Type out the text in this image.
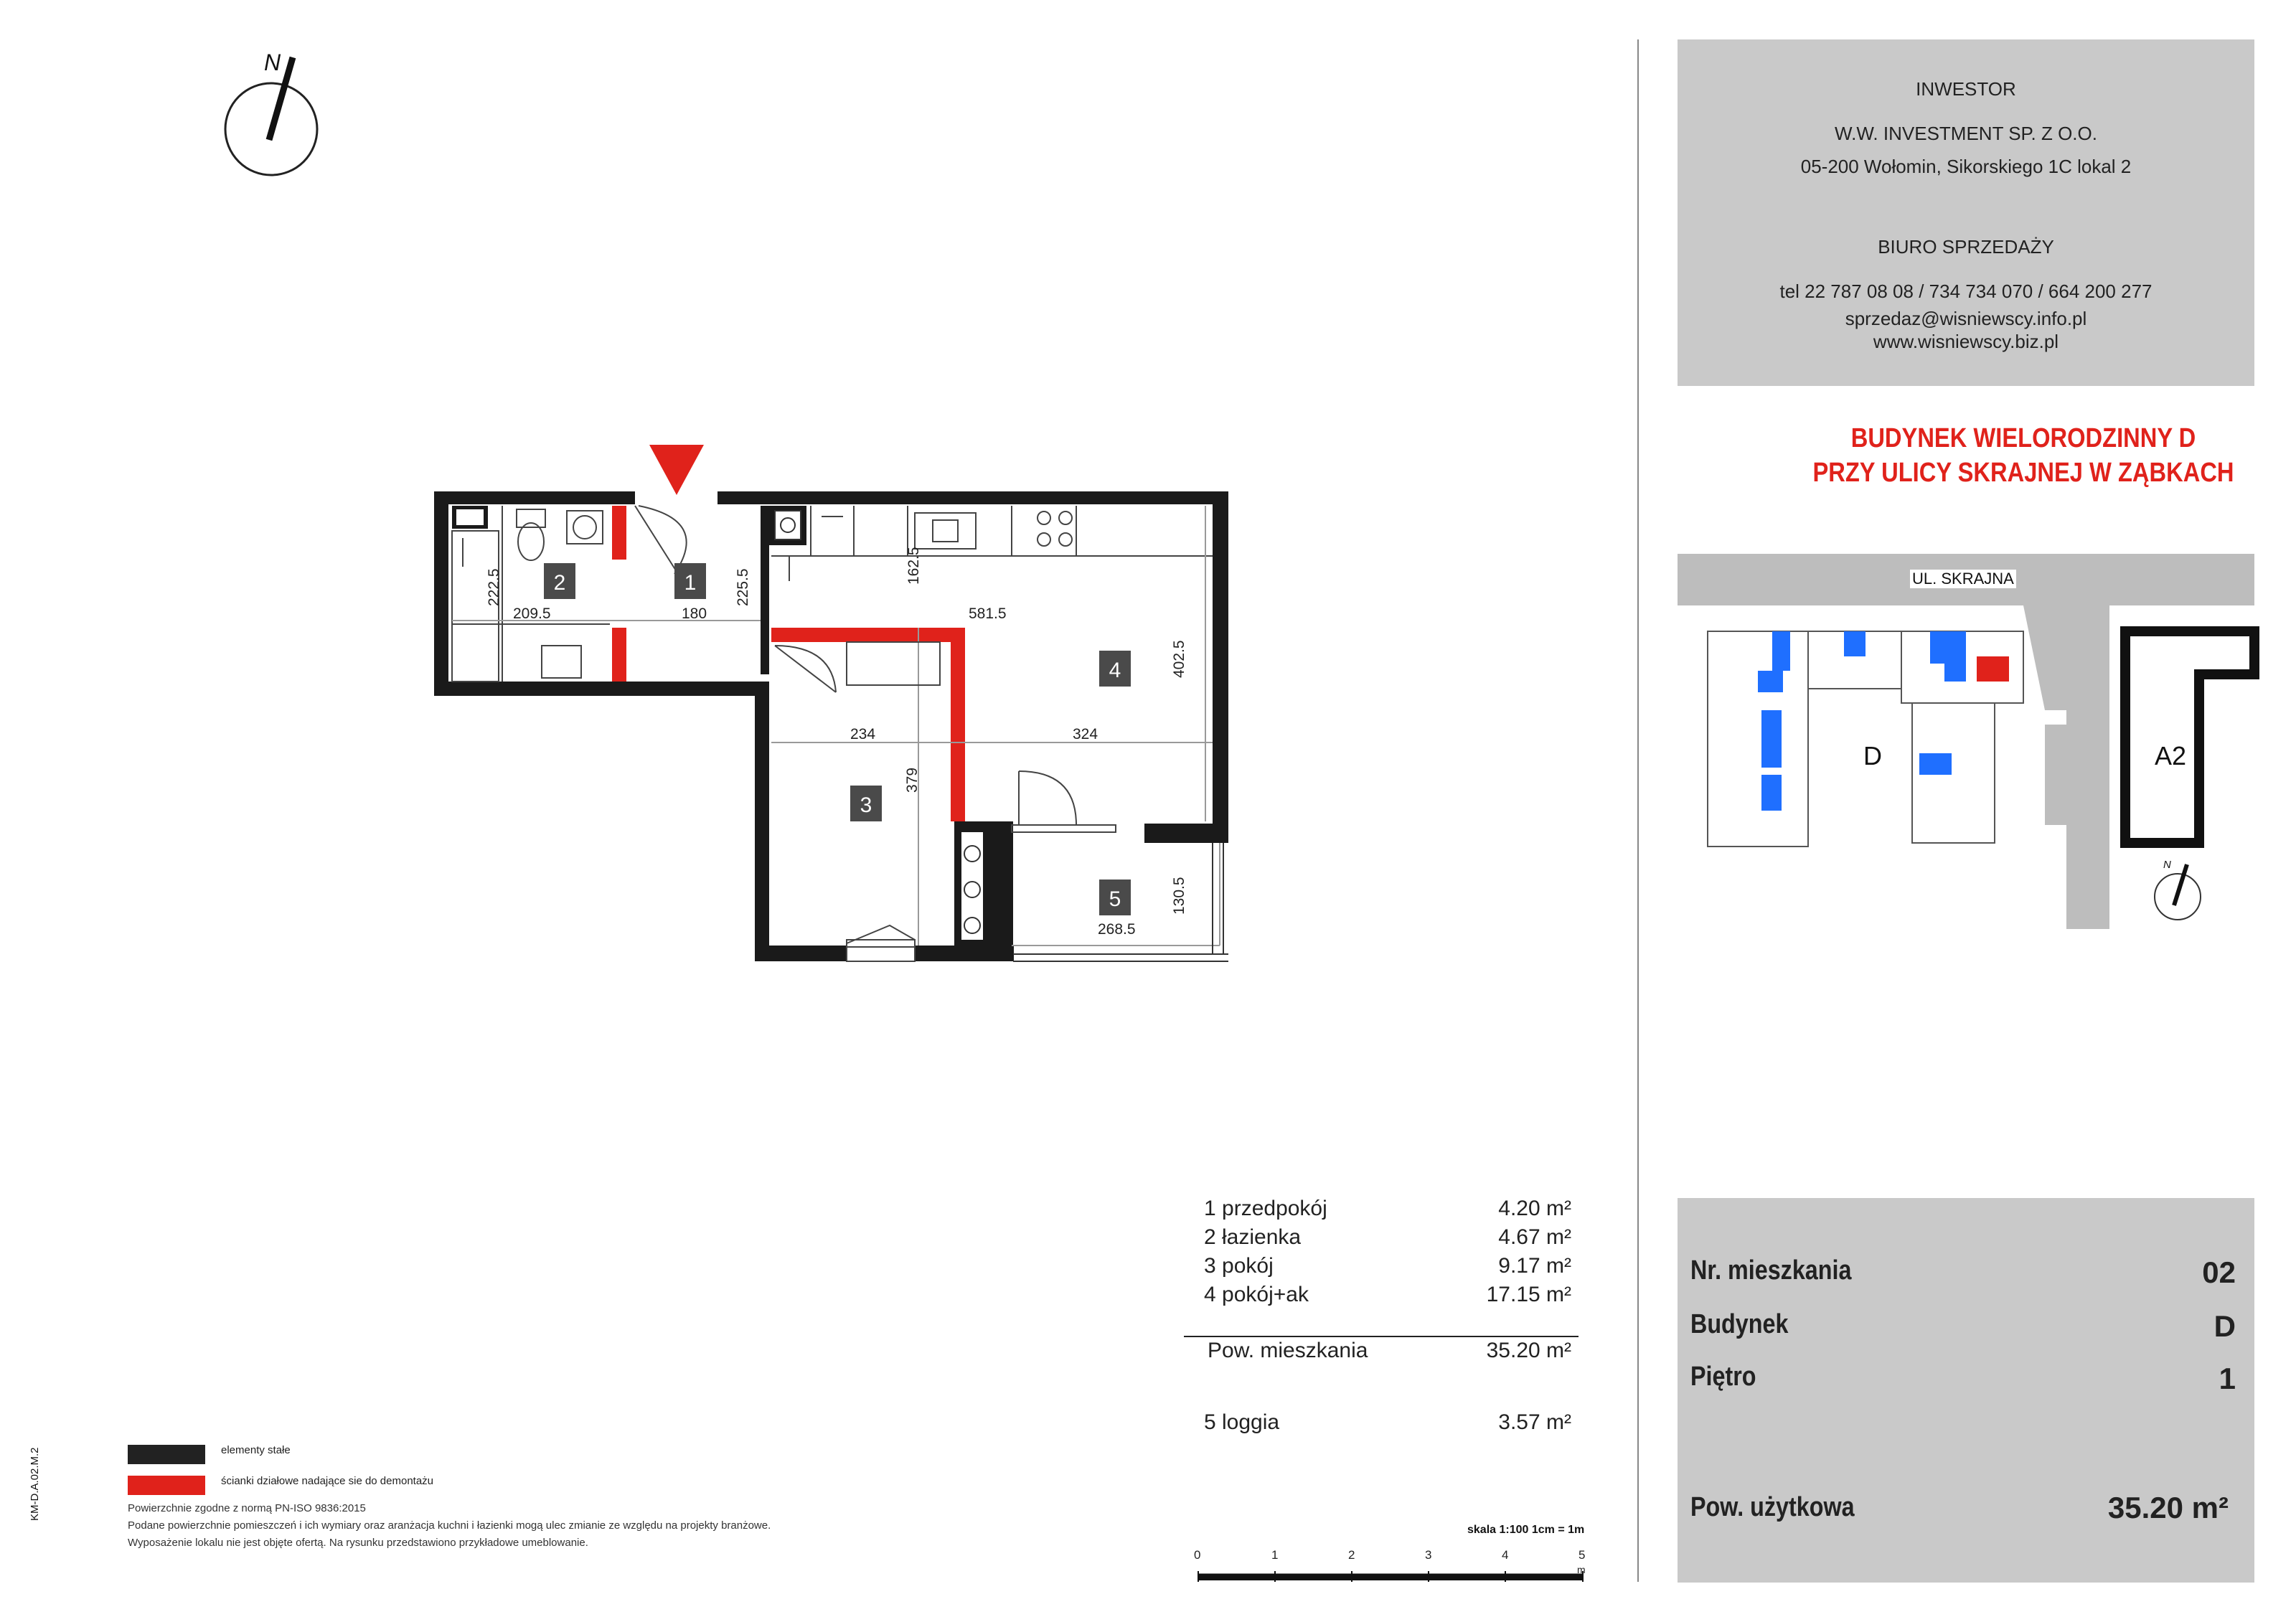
N
2	1
3
4
5
209.5	180	581.5
234	324
268.5
222.5	225.5
162.5
402.5
379
130.5
D	A2
N
INWESTOR
W.W. INVESTMENT SP. Z O.O.
05-200 Wołomin, Sikorskiego 1C lokal 2
BIURO SPRZEDAŻY
tel 22 787 08 08 / 734 734 070 / 664 200 277
sprzedaz@wisniewscy.info.pl
www.wisniewscy.biz.pl
BUDYNEK WIELORODZINNY D
PRZY ULICY SKRAJNEJ W ZĄBKACH
UL. SKRAJNA
1 przedpokój	4.20 m²
2 łazienka	4.67 m²
3 pokój	9.17 m²
4 pokój+ak	17.15 m²
Pow. mieszkania	35.20 m²
5 loggia	3.57 m²
Nr. mieszkania	02
Budynek	D
Piętro	1
Pow. użytkowa	35.20 m²
elementy stałe
ścianki działowe nadające sie do demontażu
Powierzchnie zgodne z normą PN-ISO 9836:2015
Podane powierzchnie pomieszczeń i ich wymiary oraz aranżacja kuchni i łazienki mogą ulec zmianie ze względu na projekty branżowe.
Wyposażenie lokalu nie jest objęte ofertą. Na rysunku przedstawiono przykładowe umeblowanie.
KM-D.A.02.M.2
skala 1:100 1cm = 1m
0	1	2	3	4	5
m
